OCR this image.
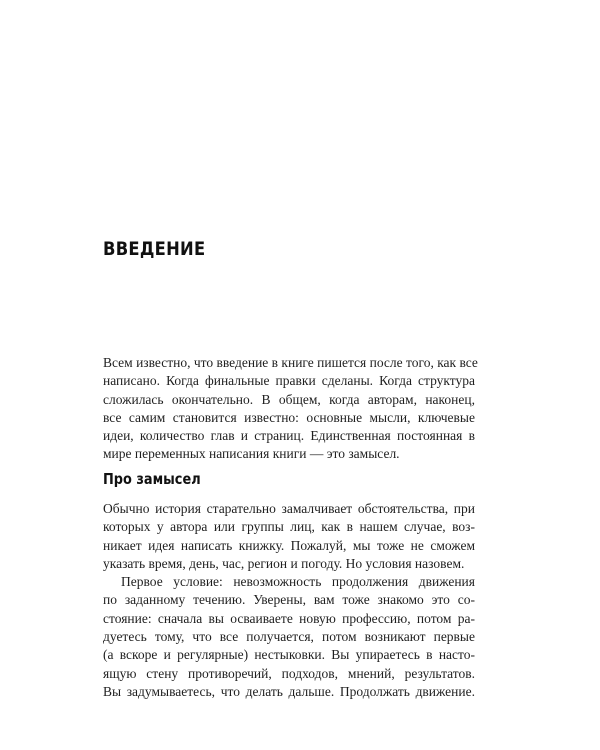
ВВЕДЕНИЕ
Всем известно, что введение в книге пишется после того, как все
написано. Когда финальные правки сделаны. Когда структура
сложилась окончательно. В общем, когда авторам, наконец,
все самим становится известно: основные мысли, ключевые
идеи, количество глав и страниц. Единственная постоянная в
мире переменных написания книги — это замысел.
Про замысел
Обычно история старательно замалчивает обстоятельства, при
которых у автора или группы лиц, как в нашем случае, воз-
никает идея написать книжку. Пожалуй, мы тоже не сможем
указать время, день, час, регион и погоду. Но условия назовем.
Первое условие: невозможность продолжения движения
по заданному течению. Уверены, вам тоже знакомо это со-
стояние: сначала вы осваиваете новую профессию, потом ра-
дуетесь тому, что все получается, потом возникают первые
(а вскоре и регулярные) нестыковки. Вы упираетесь в насто-
ящую стену противоречий, подходов, мнений, результатов.
Вы задумываетесь, что делать дальше. Продолжать движение.
